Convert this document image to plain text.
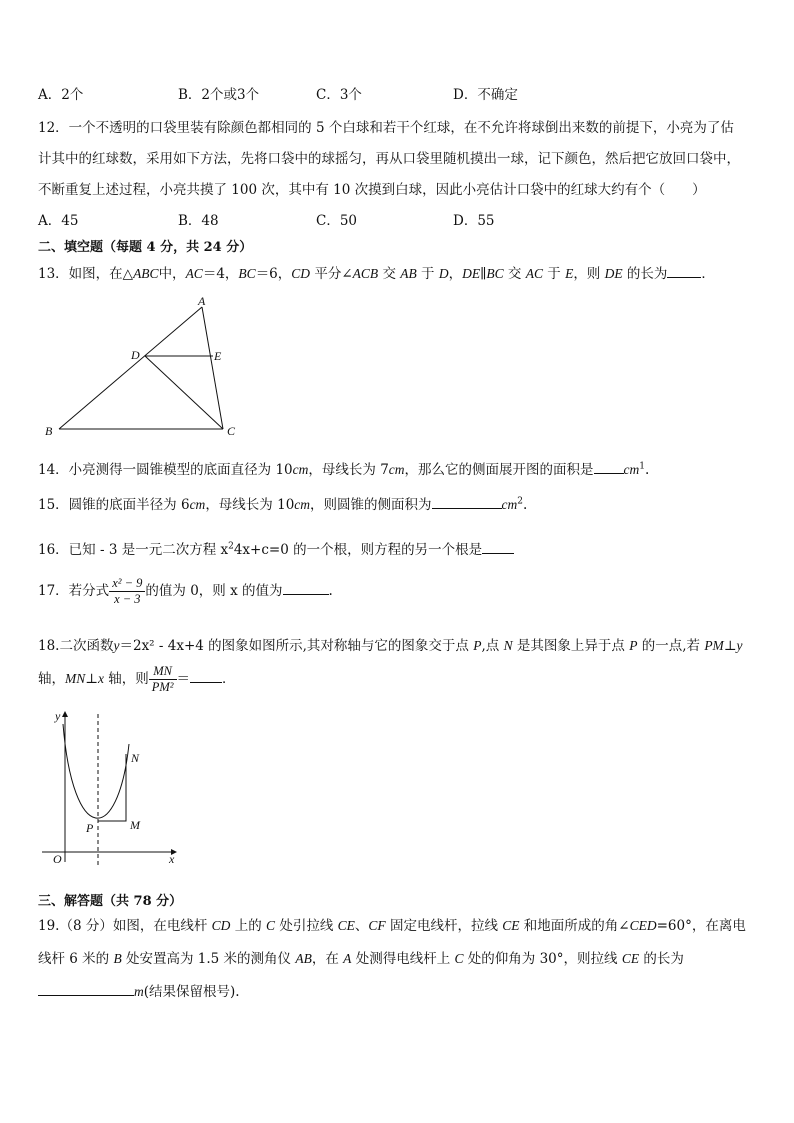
A．2个	B．2个或3个	C．3个	D．不确定
12．一个不透明的口袋里装有除颜色都相同的 5 个白球和若干个红球，在不允许将球倒出来数的前提下，小亮为了估
计其中的红球数，采用如下方法，先将口袋中的球摇匀，再从口袋里随机摸出一球，记下颜色，然后把它放回口袋中，
不断重复上述过程，小亮共摸了 100 次，其中有 10 次摸到白球，因此小亮估计口袋中的红球大约有个（　　）
A．45	B．48	C．50	D．55
二、填空题（每题 4 分，共 24 分）
13．如图，在△ABC中，AC＝4，BC＝6，CD 平分∠ACB 交 AB 于 D，DE∥BC 交 AC 于 E，则 DE 的长为	．
A
B	C
D	E
14．小亮测得一圆锥模型的底面直径为 10cm，母线长为 7cm，那么它的侧面展开图的面积是 $cm^1$.
15．圆锥的底面半径为 6cm，母线长为 10cm，则圆锥的侧面积为	$cm^2$.
16．已知 - 3 是一元二次方程 $x^24x+c=0$ 的一个根，则方程的另一个根是
17．若分式 $\frac{\text{x² − 9}}{x - 3}$ 的值为 0，则 x 的值为	.
18.二次函数y＝2x² - 4x+4 的图象如图所示,其对称轴与它的图象交于点 P,点 N 是其图象上异于点 P 的一点,若 PM⊥y
轴，MN⊥x 轴，则 $\frac{MN}{\text{PM²}}$ ＝ ．
y
x
O
P	M
N
三、解答题（共 78 分）
19.（8 分）如图，在电线杆 CD 上的 C 处引拉线 CE、CF 固定电线杆，拉线 CE 和地面所成的角∠CED=60°，在离电
线杆 6 米的 B 处安置高为 1.5 米的测角仪 AB，在 A 处测得电线杆上 C 处的仰角为 30°，则拉线 CE 的长为
m(结果保留根号).
